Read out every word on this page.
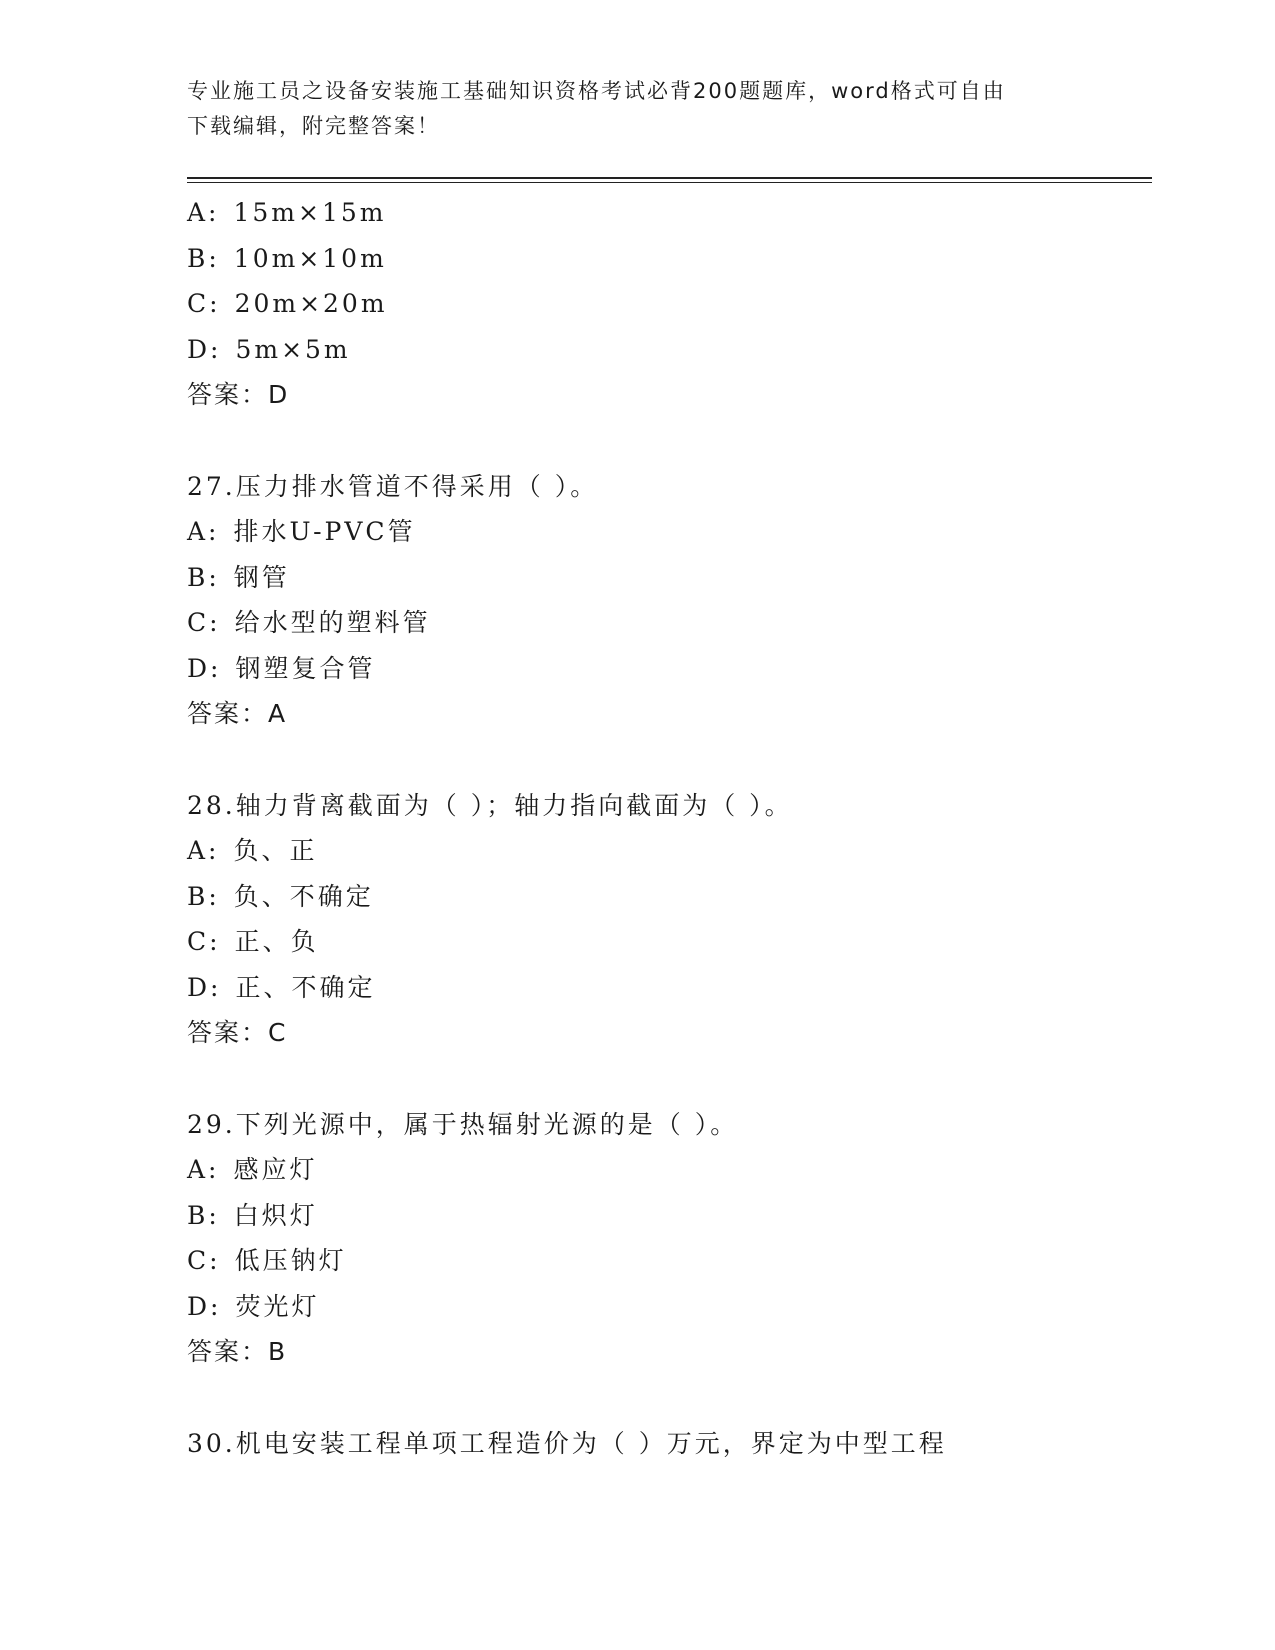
专业施工员之设备安装施工基础知识资格考试必背200题题库，word格式可自由
下载编辑，附完整答案！
A: 15m×15m
B: 10m×10m
C: 20m×20m
D: 5m×5m
答案：D
27.压力排水管道不得采用（ ）。
A: 排水U-PVC管
B: 钢管
C: 给水型的塑料管
D: 钢塑复合管
答案：A
28.轴力背离截面为（ ）；轴力指向截面为（ ）。
A: 负、正
B: 负、不确定
C: 正、负
D: 正、不确定
答案：C
29.下列光源中，属于热辐射光源的是（ ）。
A: 感应灯
B: 白炽灯
C: 低压钠灯
D: 荧光灯
答案：B
30.机电安装工程单项工程造价为（ ）万元，界定为中型工程
